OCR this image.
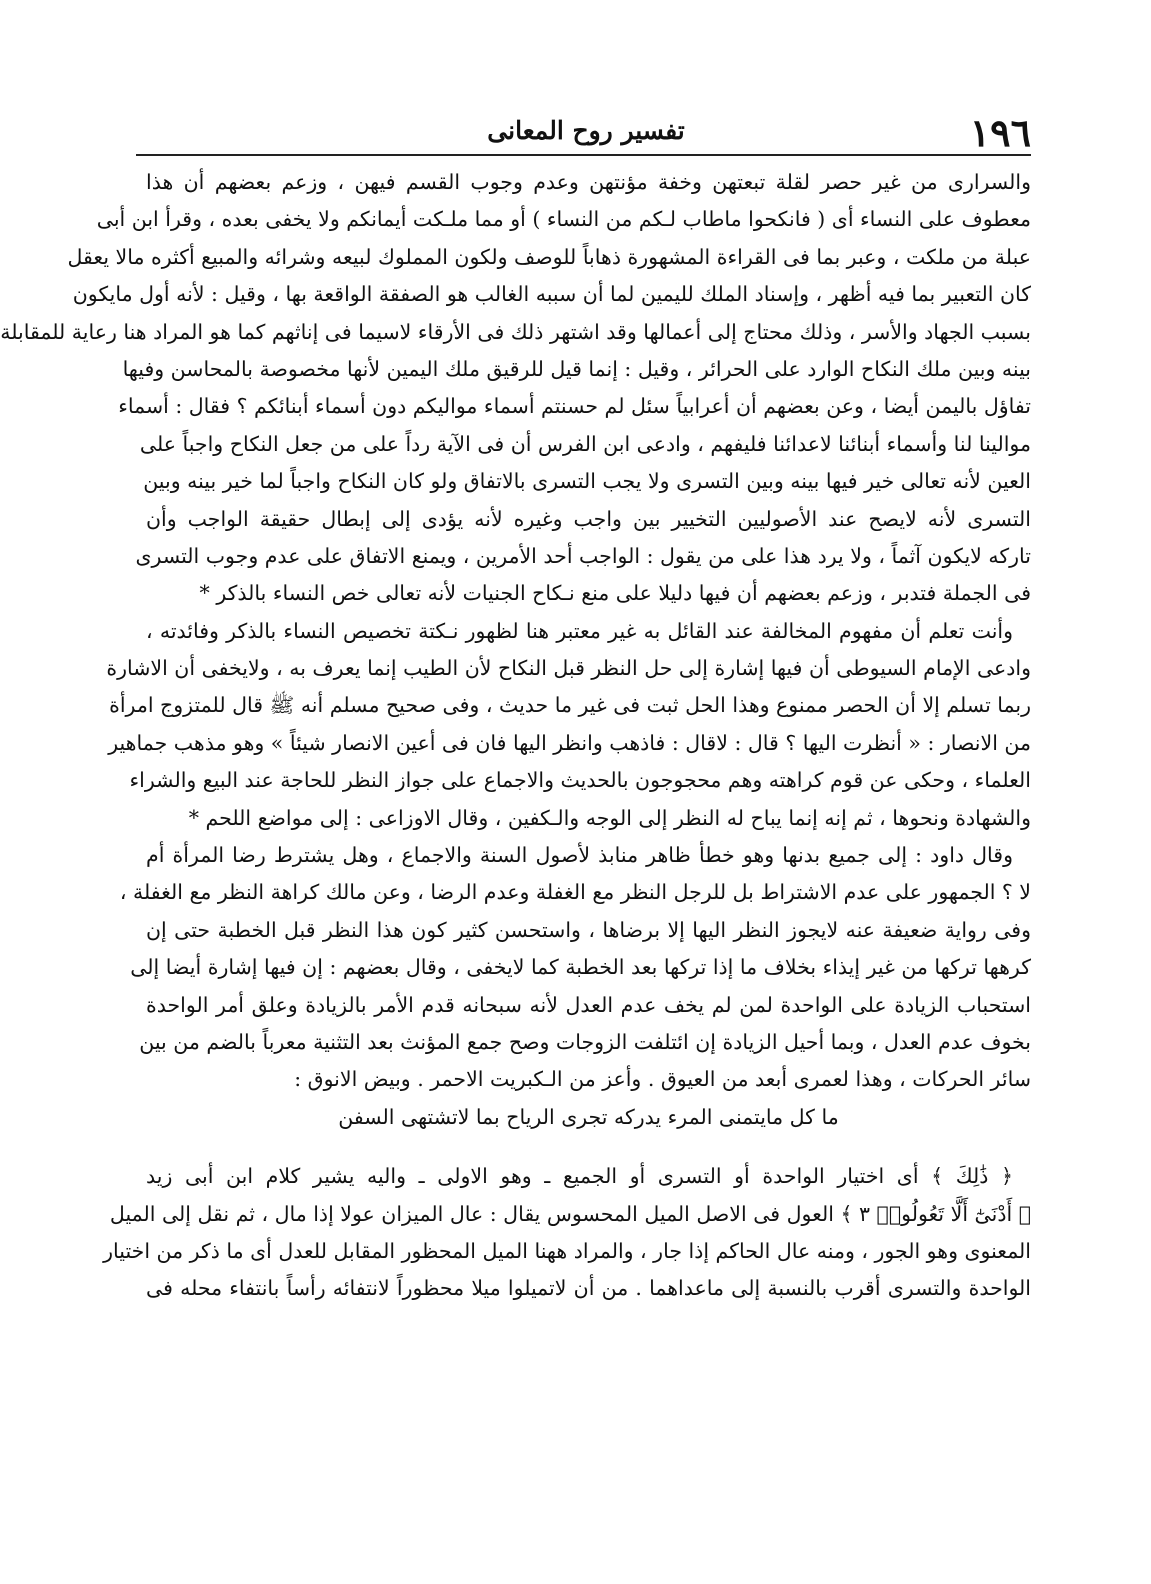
١٩٦
تفسير روح المعانى
والسرارى من غير حصر لقلة تبعتهن وخفة مؤنتهن وعدم وجوب القسم فيهن ، وزعم بعضهم أن هذا
معطوف على النساء أى ( فانكحوا ماطاب لـكم من النساء ) أو مما ملـكت أيمانكم ولا يخفى بعده ، وقرأ ابن أبى
عبلة من ملكت ، وعبر بما فى القراءة المشهورة ذهاباً للوصف ولكون المملوك لبيعه وشرائه والمبيع أكثره مالا يعقل
كان التعبير بما فيه أظهر ، وإسناد الملك لليمين لما أن سببه الغالب هو الصفقة الواقعة بها ، وقيل : لأنه أول مايكون
بسبب الجهاد والأسر ، وذلك محتاج إلى أعمالها وقد اشتهر ذلك فى الأرقاء لاسيما فى إناثهم كما هو المراد هنا رعاية للمقابلة
بينه وبين ملك النكاح الوارد على الحرائر ، وقيل : إنما قيل للرقيق ملك اليمين لأنها مخصوصة بالمحاسن وفيها
تفاؤل باليمن أيضا ، وعن بعضهم أن أعرابياً سئل لم حسنتم أسماء مواليكم دون أسماء أبنائكم ؟ فقال : أسماء
موالينا لنا وأسماء أبنائنا لاعدائنا فليفهم ، وادعى ابن الفرس أن فى الآية رداً على من جعل النكاح واجباً على
العين لأنه تعالى خير فيها بينه وبين التسرى ولا يجب التسرى بالاتفاق ولو كان النكاح واجباً لما خير بينه وبين
التسرى لأنه لايصح عند الأصوليين التخيير بين واجب وغيره لأنه يؤدى إلى إبطال حقيقة الواجب وأن
تاركه لايكون آثماً ، ولا يرد هذا على من يقول : الواجب أحد الأمرين ، ويمنع الاتفاق على عدم وجوب التسرى
فى الجملة فتدبر ، وزعم بعضهم أن فيها دليلا على منع نـكاح الجنيات لأنه تعالى خص النساء بالذكر *
وأنت تعلم أن مفهوم المخالفة عند القائل به غير معتبر هنا لظهور نـكتة تخصيص النساء بالذكر وفائدته ،
وادعى الإمام السيوطى أن فيها إشارة إلى حل النظر قبل النكاح لأن الطيب إنما يعرف به ، ولايخفى أن الاشارة
ربما تسلم إلا أن الحصر ممنوع وهذا الحل ثبت فى غير ما حديث ، وفى صحيح مسلم أنه ﷺ قال للمتزوج امرأة
من الانصار : « أنظرت اليها ؟ قال : لاقال : فاذهب وانظر اليها فان فى أعين الانصار شيئاً » وهو مذهب جماهير
العلماء ، وحكى عن قوم كراهته وهم محجوجون بالحديث والاجماع على جواز النظر للحاجة عند البيع والشراء
والشهادة ونحوها ، ثم إنه إنما يباح له النظر إلى الوجه والـكفين ، وقال الاوزاعى : إلى مواضع اللحم *
وقال داود : إلى جميع بدنها وهو خطأ ظاهر منابذ لأصول السنة والاجماع ، وهل يشترط رضا المرأة أم
لا ؟ الجمهور على عدم الاشتراط بل للرجل النظر مع الغفلة وعدم الرضا ، وعن مالك كراهة النظر مع الغفلة ،
وفى رواية ضعيفة عنه لايجوز النظر اليها إلا برضاها ، واستحسن كثير كون هذا النظر قبل الخطبة حتى إن
كرهها تركها من غير إيذاء بخلاف ما إذا تركها بعد الخطبة كما لايخفى ، وقال بعضهم : إن فيها إشارة أيضا إلى
استحباب الزيادة على الواحدة لمن لم يخف عدم العدل لأنه سبحانه قدم الأمر بالزيادة وعلق أمر الواحدة
بخوف عدم العدل ، وبما أحيل الزيادة إن ائتلفت الزوجات وصح جمع المؤنث بعد التثنية معرباً بالضم من بين
سائر الحركات ، وهذا لعمرى أبعد من العيوق . وأعز من الـكبريت الاحمر . وبيض الانوق :
ما كل مايتمنى المرء يدركه تجرى الرياح بما لاتشتهى السفن
﴿ ذَٰلِكَ ﴾ أى اختيار الواحدة أو التسرى أو الجميع ـ وهو الاولى ـ واليه يشير كلام ابن أبى زيد
﴿ أَدْنَىٰٓ أَلَّا تَعُولُوا۟ ٣ ﴾ العول فى الاصل الميل المحسوس يقال : عال الميزان عولا إذا مال ، ثم نقل إلى الميل
المعنوى وهو الجور ، ومنه عال الحاكم إذا جار ، والمراد ههنا الميل المحظور المقابل للعدل أى ما ذكر من اختيار
الواحدة والتسرى أقرب بالنسبة إلى ماعداهما . من أن لاتميلوا ميلا محظوراً لانتفائه رأساً بانتفاء محله فى
